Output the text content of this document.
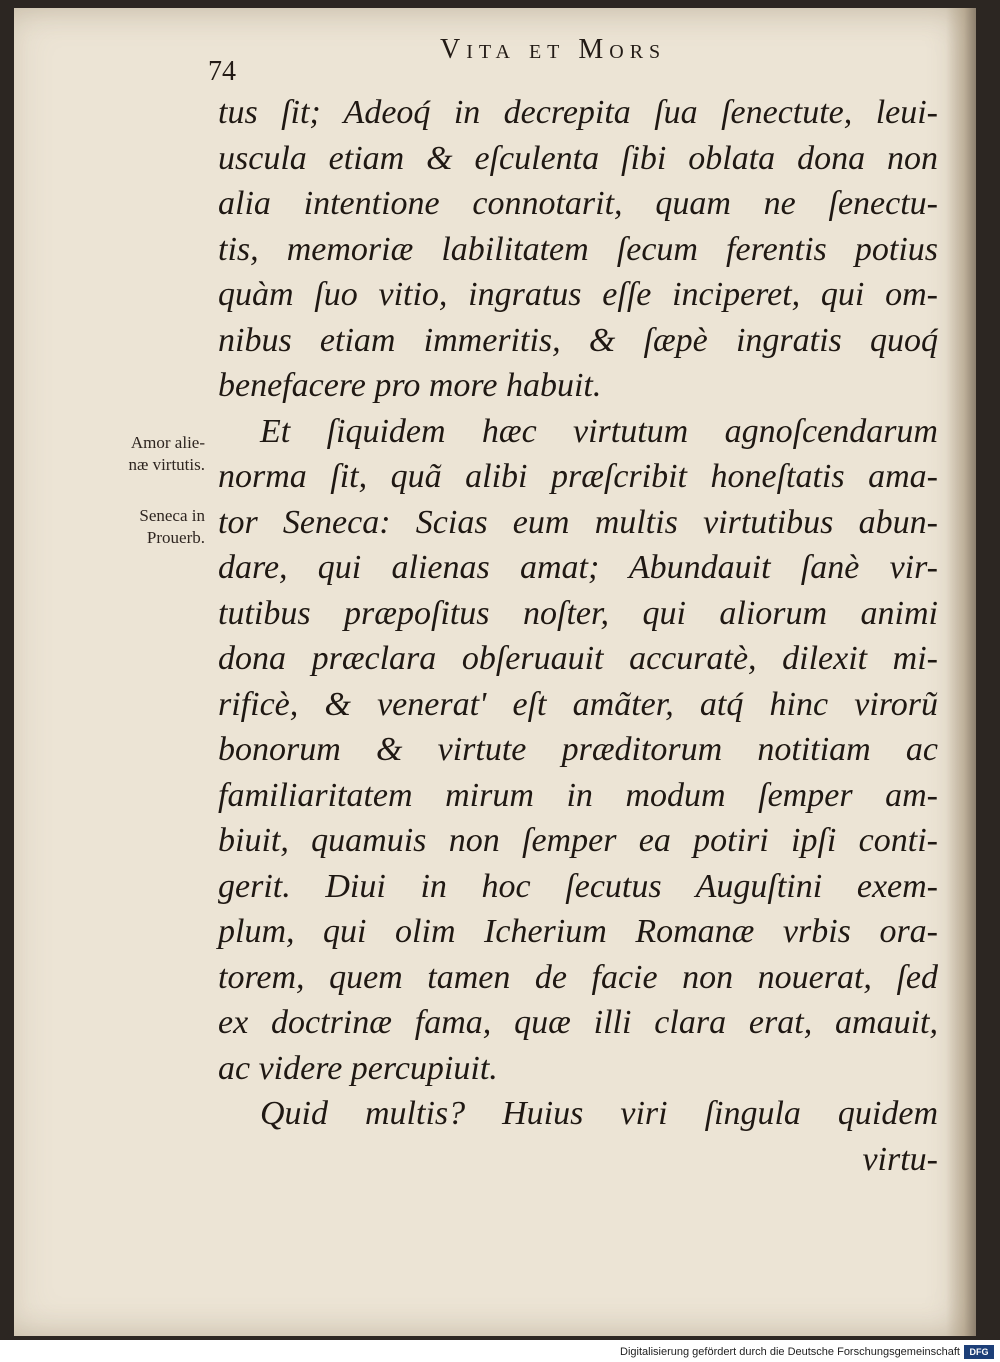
Vita et Mors
74
Amor alie-
næ virtutis.
Seneca in
Prouerb.
tus ſit; Adeoq́ in decrepita ſua ſenectute, leui-
uscula etiam & eſculenta ſibi oblata dona non
alia intentione connotarit, quam ne ſenectu-
tis, memoriæ labilitatem ſecum ferentis potius
quàm ſuo vitio, ingratus eſſe inciperet, qui om-
nibus etiam immeritis, & ſæpè ingratis quoq́
benefacere pro more habuit.
Et ſiquidem hæc virtutum agnoſcendarum
norma ſit, quã alibi præſcribit honeſtatis ama-
tor Seneca: Scias eum multis virtutibus abun-
dare, qui alienas amat; Abundauit ſanè vir-
tutibus præpoſitus noſter, qui aliorum animi
dona præclara obſeruauit accuratè, dilexit mi-
rificè, & venerat' eſt amãter, atq́ hinc virorũ
bonorum & virtute præditorum notitiam ac
familiaritatem mirum in modum ſemper am-
biuit, quamuis non ſemper ea potiri ipſi conti-
gerit. Diui in hoc ſecutus Auguſtini exem-
plum, qui olim Icherium Romanæ vrbis ora-
torem, quem tamen de facie non nouerat, ſed
ex doctrinæ fama, quæ illi clara erat, amauit,
ac videre percupiuit.
Quid multis? Huius viri ſingula quidem
virtu-
Digitalisierung gefördert durch die Deutsche Forschungsgemeinschaft	DFG
